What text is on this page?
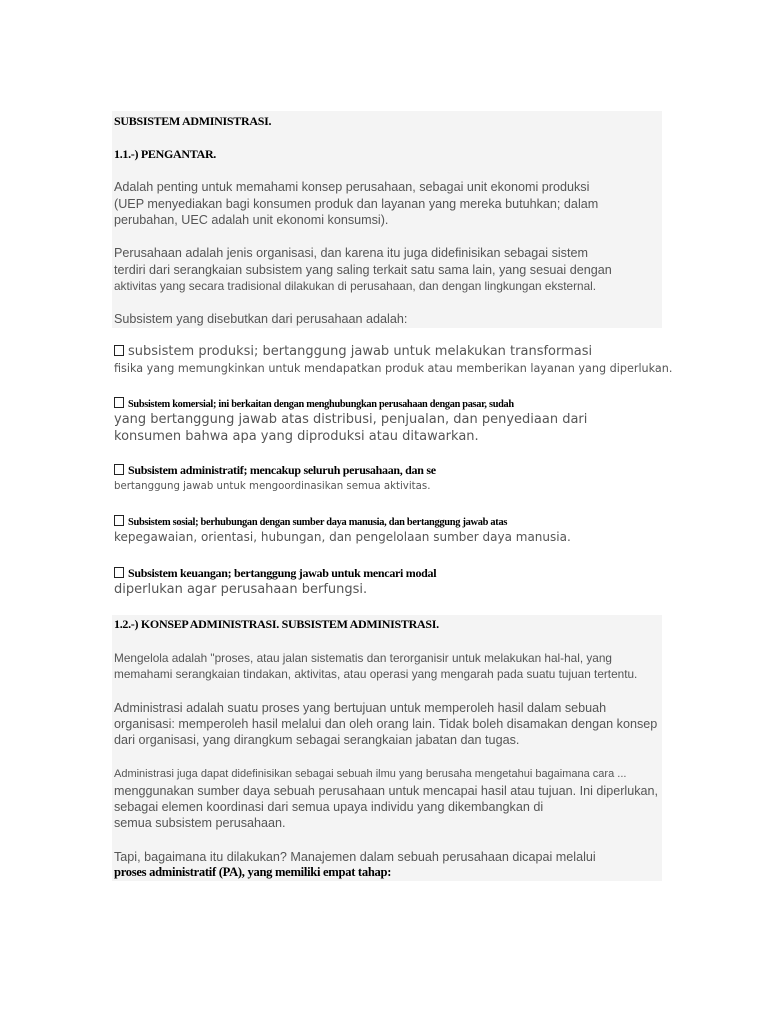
SUBSISTEM ADMINISTRASI.
1.1.-) PENGANTAR.
Adalah penting untuk memahami konsep perusahaan, sebagai unit ekonomi produksi
(UEP menyediakan bagi konsumen produk dan layanan yang mereka butuhkan; dalam
perubahan, UEC adalah unit ekonomi konsumsi).
Perusahaan adalah jenis organisasi, dan karena itu juga didefinisikan sebagai sistem
terdiri dari serangkaian subsistem yang saling terkait satu sama lain, yang sesuai dengan
aktivitas yang secara tradisional dilakukan di perusahaan, dan dengan lingkungan eksternal.
Subsistem yang disebutkan dari perusahaan adalah:
subsistem produksi; bertanggung jawab untuk melakukan transformasi
fisika yang memungkinkan untuk mendapatkan produk atau memberikan layanan yang diperlukan.
Subsistem komersial; ini berkaitan dengan menghubungkan perusahaan dengan pasar, sudah
yang bertanggung jawab atas distribusi, penjualan, dan penyediaan dari
konsumen bahwa apa yang diproduksi atau ditawarkan.
Subsistem administratif; mencakup seluruh perusahaan, dan se
bertanggung jawab untuk mengoordinasikan semua aktivitas.
Subsistem sosial; berhubungan dengan sumber daya manusia, dan bertanggung jawab atas
kepegawaian, orientasi, hubungan, dan pengelolaan sumber daya manusia.
Subsistem keuangan; bertanggung jawab untuk mencari modal
diperlukan agar perusahaan berfungsi.
1.2.-) KONSEP ADMINISTRASI. SUBSISTEM ADMINISTRASI.
Mengelola adalah "proses, atau jalan sistematis dan terorganisir untuk melakukan hal-hal, yang
memahami serangkaian tindakan, aktivitas, atau operasi yang mengarah pada suatu tujuan tertentu.
Administrasi adalah suatu proses yang bertujuan untuk memperoleh hasil dalam sebuah
organisasi: memperoleh hasil melalui dan oleh orang lain. Tidak boleh disamakan dengan konsep
dari organisasi, yang dirangkum sebagai serangkaian jabatan dan tugas.
Administrasi juga dapat didefinisikan sebagai sebuah ilmu yang berusaha mengetahui bagaimana cara ...
menggunakan sumber daya sebuah perusahaan untuk mencapai hasil atau tujuan. Ini diperlukan,
sebagai elemen koordinasi dari semua upaya individu yang dikembangkan di
semua subsistem perusahaan.
Tapi, bagaimana itu dilakukan? Manajemen dalam sebuah perusahaan dicapai melalui
proses administratif (PA), yang memiliki empat tahap:
